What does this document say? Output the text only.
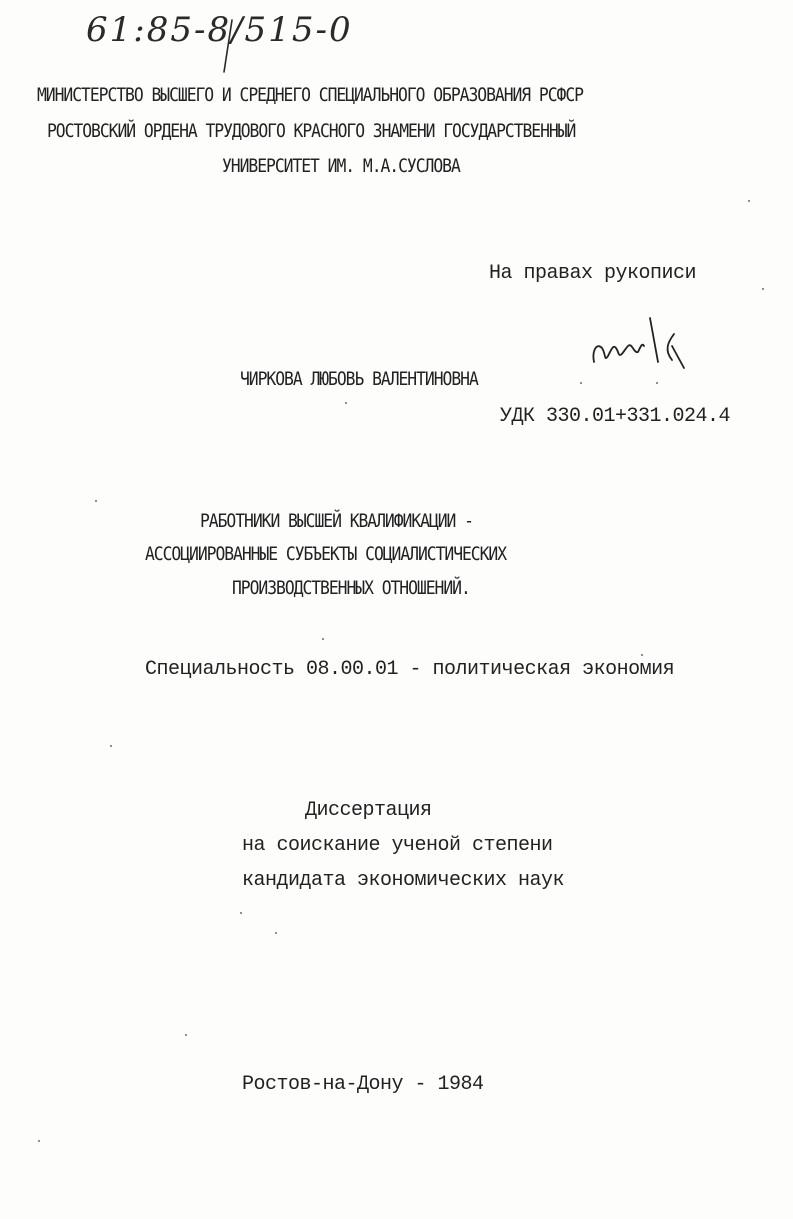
61:85-8/515-0
МИНИСТЕРСТВО ВЫСШЕГО И СРЕДНЕГО СПЕЦИАЛЬНОГО ОБРАЗОВАНИЯ РСФСР
РОСТОВСКИЙ ОРДЕНА ТРУДОВОГО КРАСНОГО ЗНАМЕНИ ГОСУДАРСТВЕННЫЙ
УНИВЕРСИТЕТ ИМ. М.А.СУСЛОВА
На правах рукописи
ЧИРКОВА ЛЮБОВЬ ВАЛЕНТИНОВНА
УДК 330.01+331.024.4
РАБОТНИКИ ВЫСШЕЙ КВАЛИФИКАЦИИ -
АССОЦИИРОВАННЫЕ СУБЪЕКТЫ СОЦИАЛИСТИЧЕСКИХ
ПРОИЗВОДСТВЕННЫХ ОТНОШЕНИЙ.
Специальность 08.00.01 - политическая экономия
Диссертация
на соискание ученой степени
кандидата экономических наук
Ростов-на-Дону - 1984
